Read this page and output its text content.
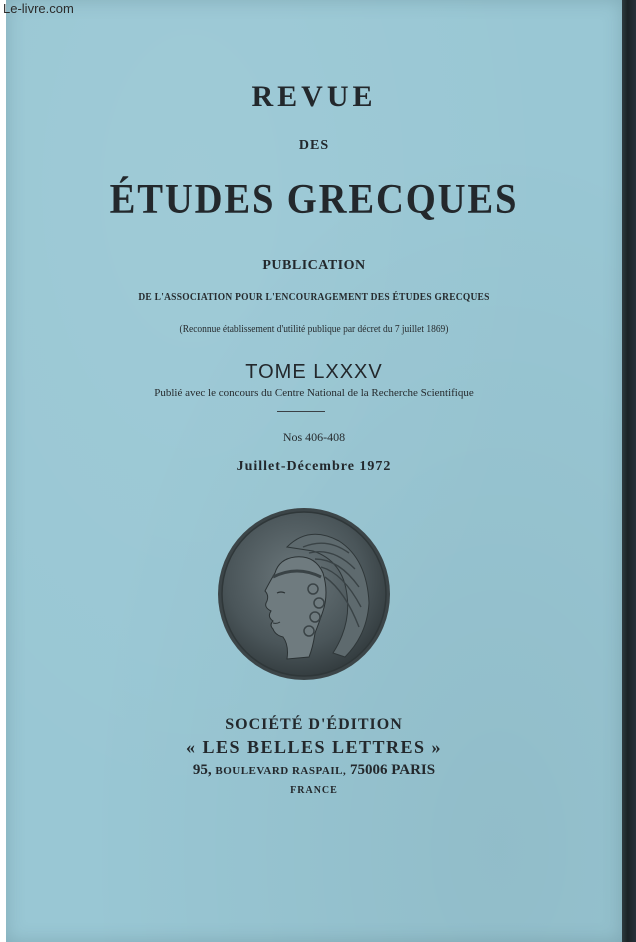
Le-livre.com
REVUE
DES
ÉTUDES GRECQUES
PUBLICATION
DE L'ASSOCIATION POUR L'ENCOURAGEMENT DES ÉTUDES GRECQUES
(Reconnue établissement d'utilité publique par décret du 7 juillet 1869)
TOME LXXXV
Publié avec le concours du Centre National de la Recherche Scientifique
Nos 406-408
Juillet-Décembre 1972
SOCIÉTÉ D'ÉDITION
« LES BELLES LETTRES »
95, BOULEVARD RASPAIL, 75006 PARIS
FRANCE
